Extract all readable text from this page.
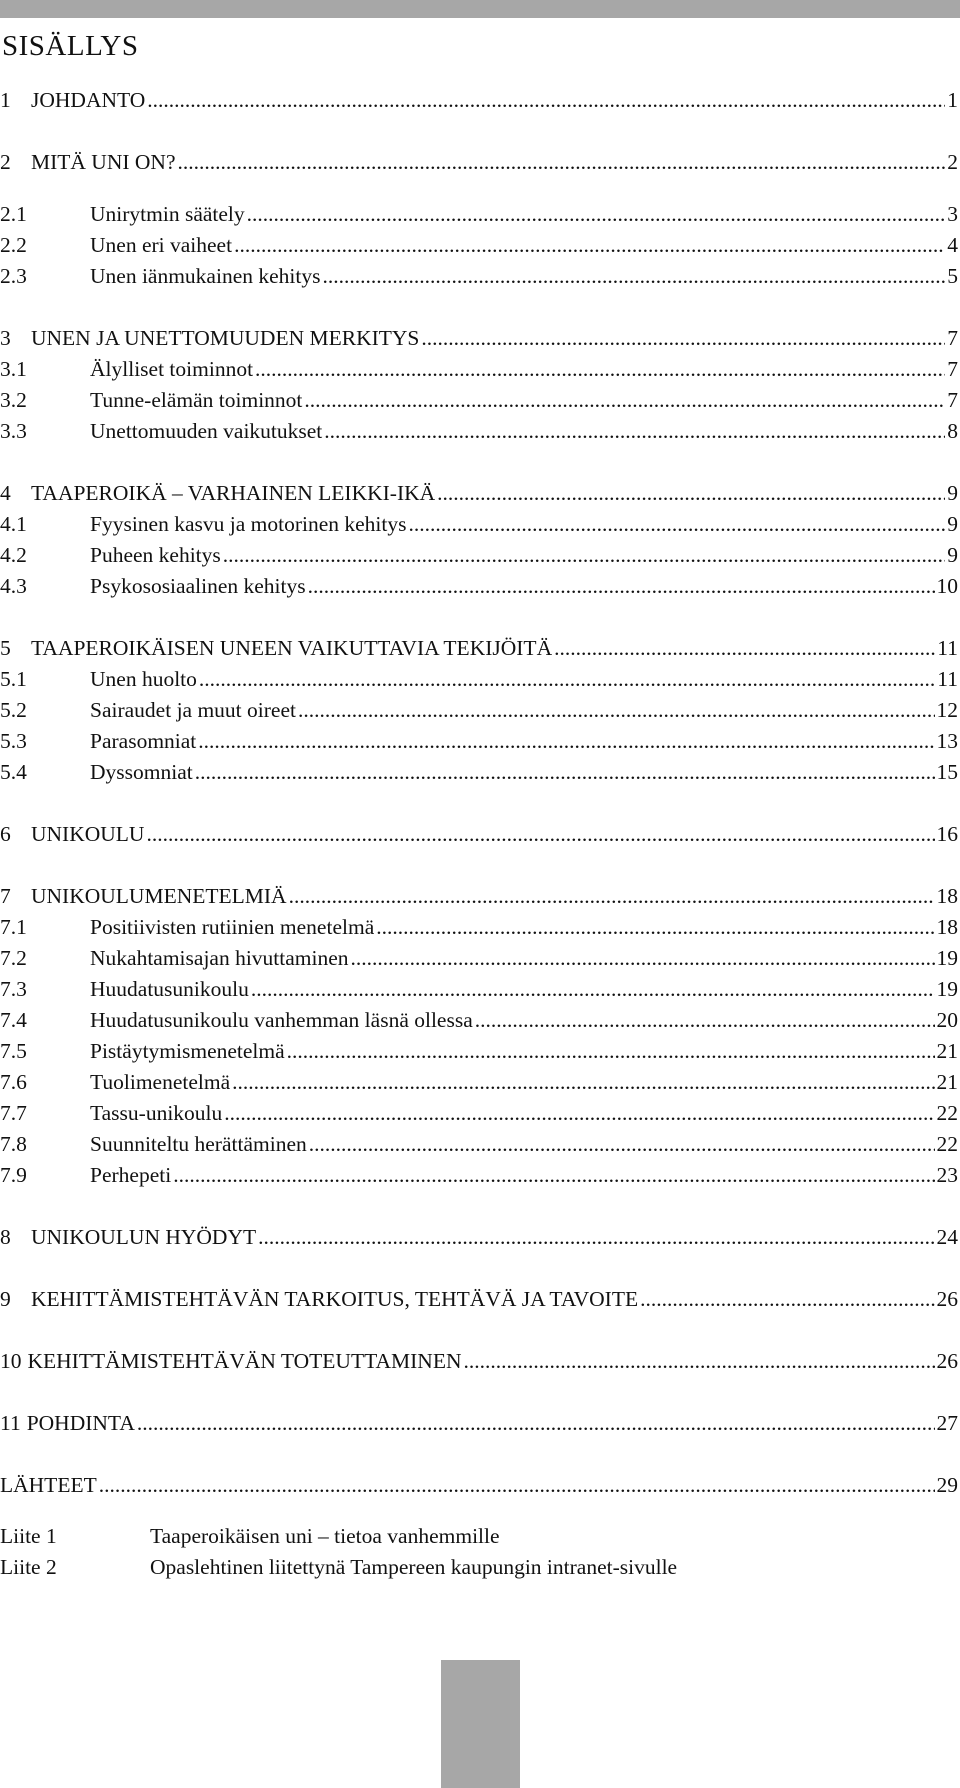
SISÄLLYS
1 JOHDANTO .....	1
2 MITÄ UNI ON? .....	2
2.1	Unirytmin säätely .....	3
2.2	Unen eri vaiheet .....	4
2.3	Unen iänmukainen kehitys .....	5
3 UNEN JA UNETTOMUUDEN MERKITYS .....	7
3.1	Älylliset toiminnot .....	7
3.2	Tunne-elämän toiminnot .....	7
3.3	Unettomuuden vaikutukset .....	8
4 TAAPEROIKÄ – VARHAINEN LEIKKI-IKÄ .....	9
4.1	Fyysinen kasvu ja motorinen kehitys .....	9
4.2	Puheen kehitys .....	9
4.3	Psykososiaalinen kehitys .....	10
5 TAAPEROIKÄISEN UNEEN VAIKUTTAVIA TEKIJÖITÄ .....	11
5.1	Unen huolto .....	11
5.2	Sairaudet ja muut oireet .....	12
5.3	Parasomniat .....	13
5.4	Dyssomniat .....	15
6 UNIKOULU .....	16
7 UNIKOULUMENETELMIÄ .....	18
7.1	Positiivisten rutiinien menetelmä .....	18
7.2	Nukahtamisajan hivuttaminen .....	19
7.3	Huudatusunikoulu .....	19
7.4	Huudatusunikoulu vanhemman läsnä ollessa .....	20
7.5	Pistäytymismenetelmä .....	21
7.6	Tuolimenetelmä .....	21
7.7	Tassu-unikoulu .....	22
7.8	Suunniteltu herättäminen .....	22
7.9	Perhepeti .....	23
8 UNIKOULUN HYÖDYT .....	24
9 KEHITTÄMISTEHTÄVÄN TARKOITUS, TEHTÄVÄ JA TAVOITE .....	26
10 KEHITTÄMISTEHTÄVÄN TOTEUTTAMINEN .....	26
11 POHDINTA .....	27
LÄHTEET .....	29
Liite 1	Taaperoikäisen uni – tietoa vanhemmille
Liite 2	Opaslehtinen liitettynä Tampereen kaupungin intranet-sivulle
